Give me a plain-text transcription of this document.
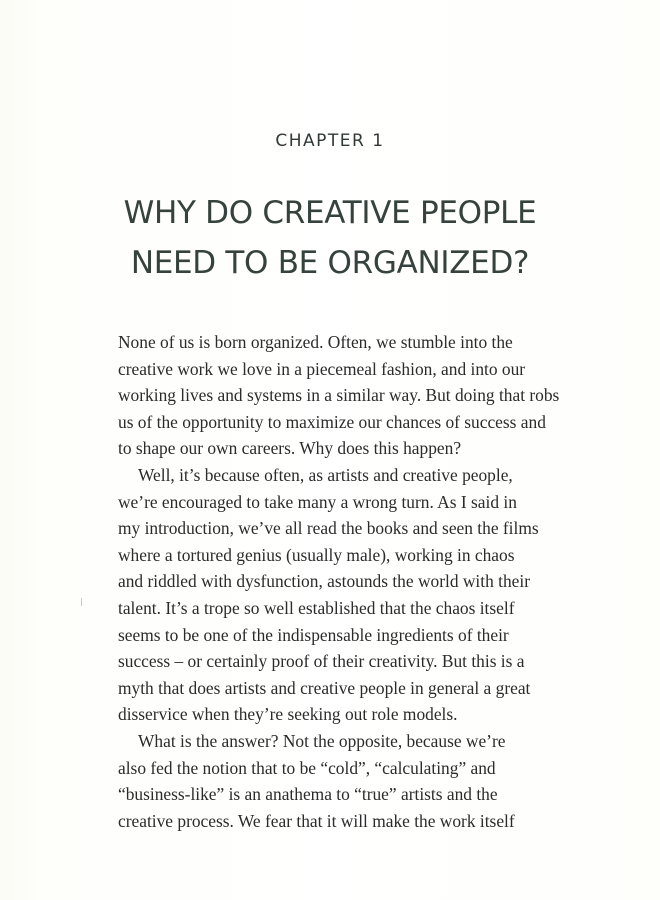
CHAPTER 1
WHY DO CREATIVE PEOPLE
NEED TO BE ORGANIZED?
None of us is born organized. Often, we stumble into the
creative work we love in a piecemeal fashion, and into our
working lives and systems in a similar way. But doing that robs
us of the opportunity to maximize our chances of success and
to shape our own careers. Why does this happen?
Well, it’s because often, as artists and creative people,
we’re encouraged to take many a wrong turn. As I said in
my introduction, we’ve all read the books and seen the films
where a tortured genius (usually male), working in chaos
and riddled with dysfunction, astounds the world with their
talent. It’s a trope so well established that the chaos itself
seems to be one of the indispensable ingredients of their
success – or certainly proof of their creativity. But this is a
myth that does artists and creative people in general a great
disservice when they’re seeking out role models.
What is the answer? Not the opposite, because we’re
also fed the notion that to be “cold”, “calculating” and
“business-like” is an anathema to “true” artists and the
creative process. We fear that it will make the work itself
